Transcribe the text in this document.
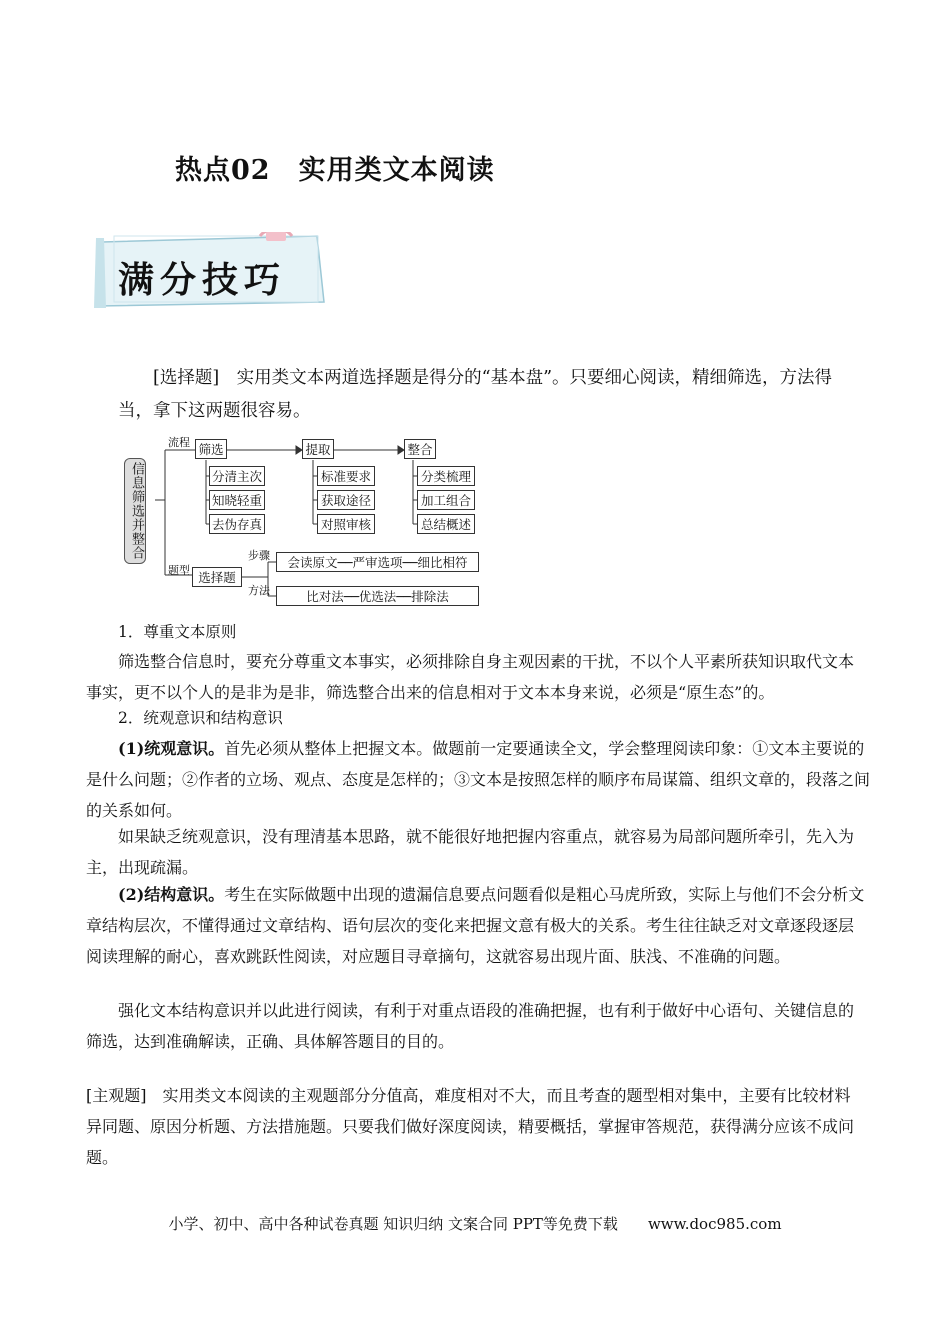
热点02 实用类文本阅读
满分技巧
[选择题]　 实用类文本两道选择题是得分的“基本盘”。只要细心阅读，精细筛选，方法得当，拿下这两题很容易。
信息筛选并整合
流程
题型
筛选	提取	整合
分清主次
知晓轻重
去伪存真
标准要求
获取途径
对照审核
分类梳理
加工组合
总结概述
选择题
步骤	会读原文──严审选项──细比相符
方法	比对法──优选法──排除法
1．尊重文本原则
筛选整合信息时，要充分尊重文本事实，必须排除自身主观因素的干扰，不以个人平素所获知识取代文本事实，更不以个人的是非为是非，筛选整合出来的信息相对于文本本身来说，必须是“原生态”的。
2．统观意识和结构意识
(1)统观意识。首先必须从整体上把握文本。做题前一定要通读全文，学会整理阅读印象：①文本主要说的是什么问题；②作者的立场、观点、态度是怎样的；③文本是按照怎样的顺序布局谋篇、组织文章的，段落之间的关系如何。
如果缺乏统观意识，没有理清基本思路，就不能很好地把握内容重点，就容易为局部问题所牵引，先入为主，出现疏漏。
(2)结构意识。考生在实际做题中出现的遗漏信息要点问题看似是粗心马虎所致，实际上与他们不会分析文章结构层次，不懂得通过文章结构、语句层次的变化来把握文意有极大的关系。考生往往缺乏对文章逐段逐层阅读理解的耐心，喜欢跳跃性阅读，对应题目寻章摘句，这就容易出现片面、肤浅、不准确的问题。
强化文本结构意识并以此进行阅读，有利于对重点语段的准确把握，也有利于做好中心语句、关键信息的筛选，达到准确解读，正确、具体解答题目的目的。
[主观题]　 实用类文本阅读的主观题部分分值高，难度相对不大，而且考查的题型相对集中，主要有比较材料异同题、原因分析题、方法措施题。只要我们做好深度阅读，精要概括，掌握审答规范，获得满分应该不成问题。
小学、初中、高中各种试卷真题 知识归纳 文案合同 PPT等免费下载　　 www.doc985.com
